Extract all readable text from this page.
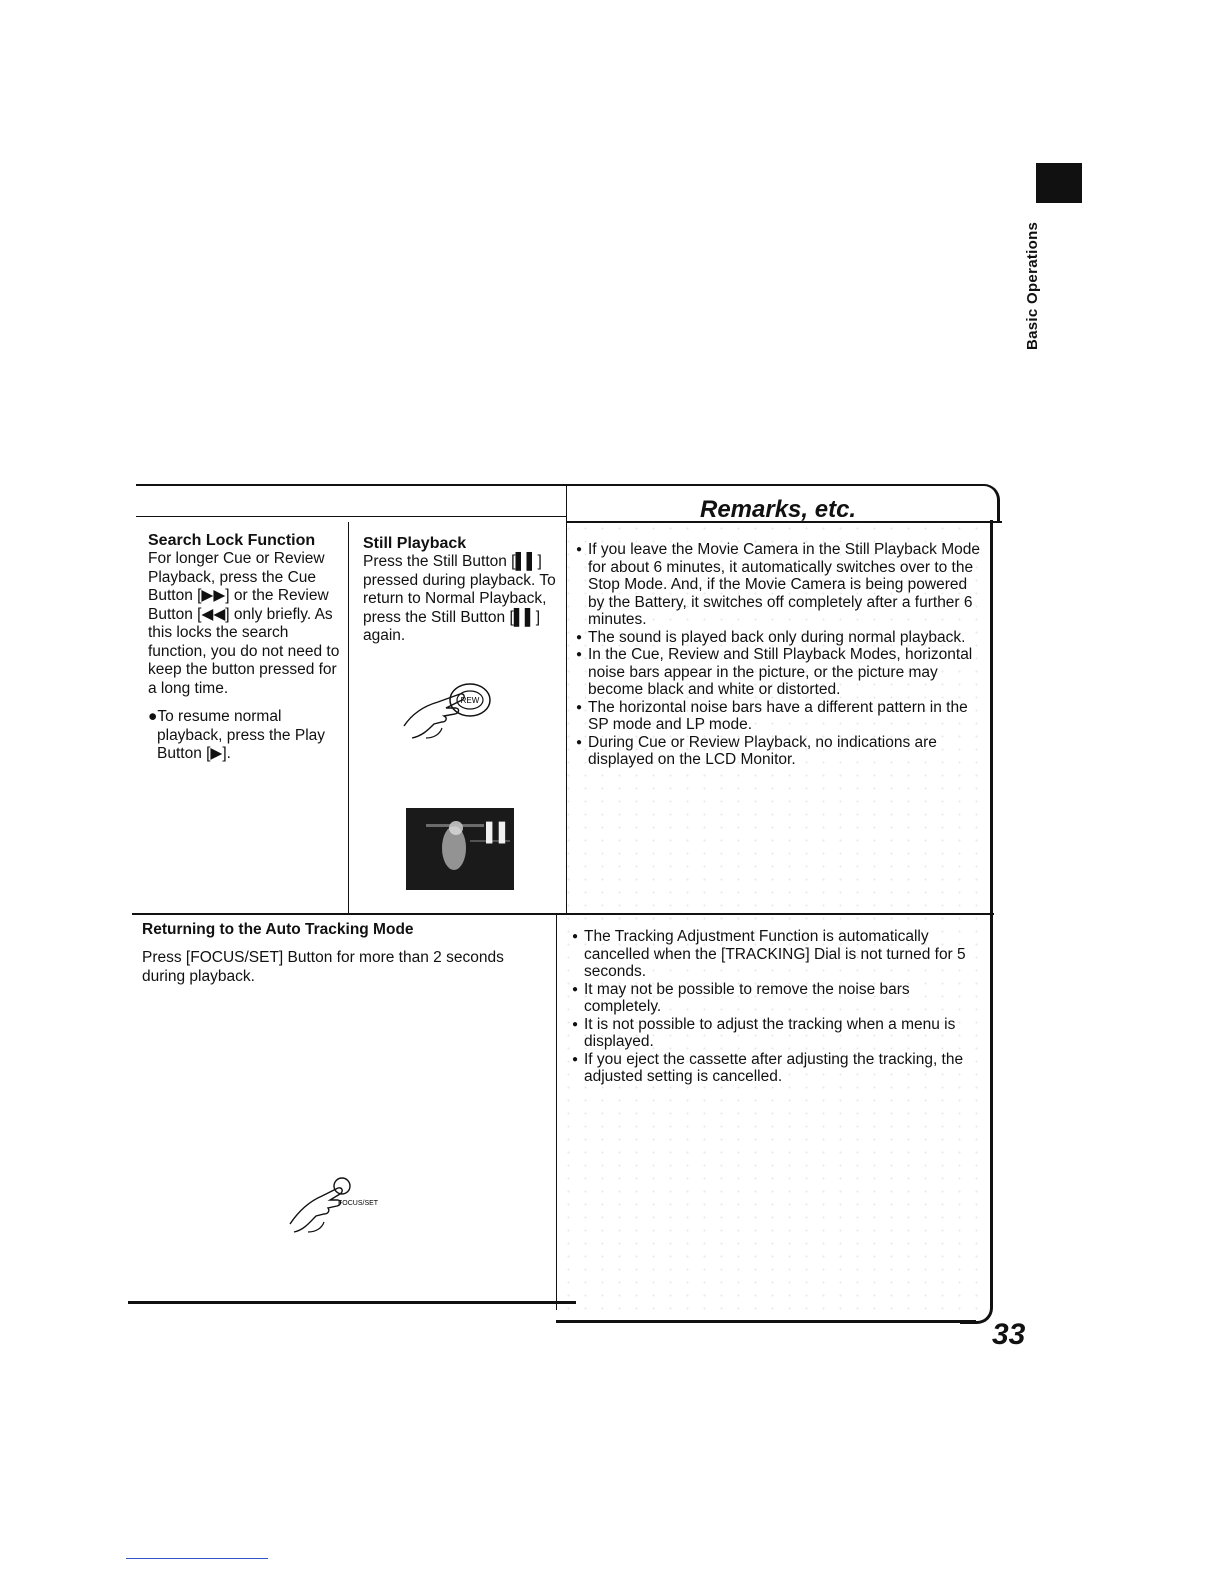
Basic Operations
Remarks, etc.
Search Lock Function

For longer Cue or Review Playback, press the Cue Button [▶▶] or the Review Button [◀◀] only briefly. As this locks the search function, you do not need to keep the button pressed for a long time.

●To resume normal playback, press the Play Button [▶].

Still Playback

Press the Still Button [▌▌] pressed during playback. To return to Normal Playback, press the Still Button [▌▌] again.

REW
▌▌
● If you leave the Movie Camera in the Still Playback Mode for about 6 minutes, it automatically switches over to the Stop Mode. And, if the Movie Camera is being powered by the Battery, it switches off completely after a further 6 minutes.
● The sound is played back only during normal playback.
● In the Cue, Review and Still Playback Modes, horizontal noise bars appear in the picture, or the picture may become black and white or distorted.
● The horizontal noise bars have a different pattern in the SP mode and LP mode.
● During Cue or Review Playback, no indications are displayed on the LCD Monitor.
Returning to the Auto Tracking Mode

Press [FOCUS/SET] Button for more than 2 seconds during playback.

FOCUS/SET
● The Tracking Adjustment Function is automatically cancelled when the [TRACKING] Dial is not turned for 5 seconds.
● It may not be possible to remove the noise bars completely.
● It is not possible to adjust the tracking when a menu is displayed.
● If you eject the cassette after adjusting the tracking, the adjusted setting is cancelled.
33
